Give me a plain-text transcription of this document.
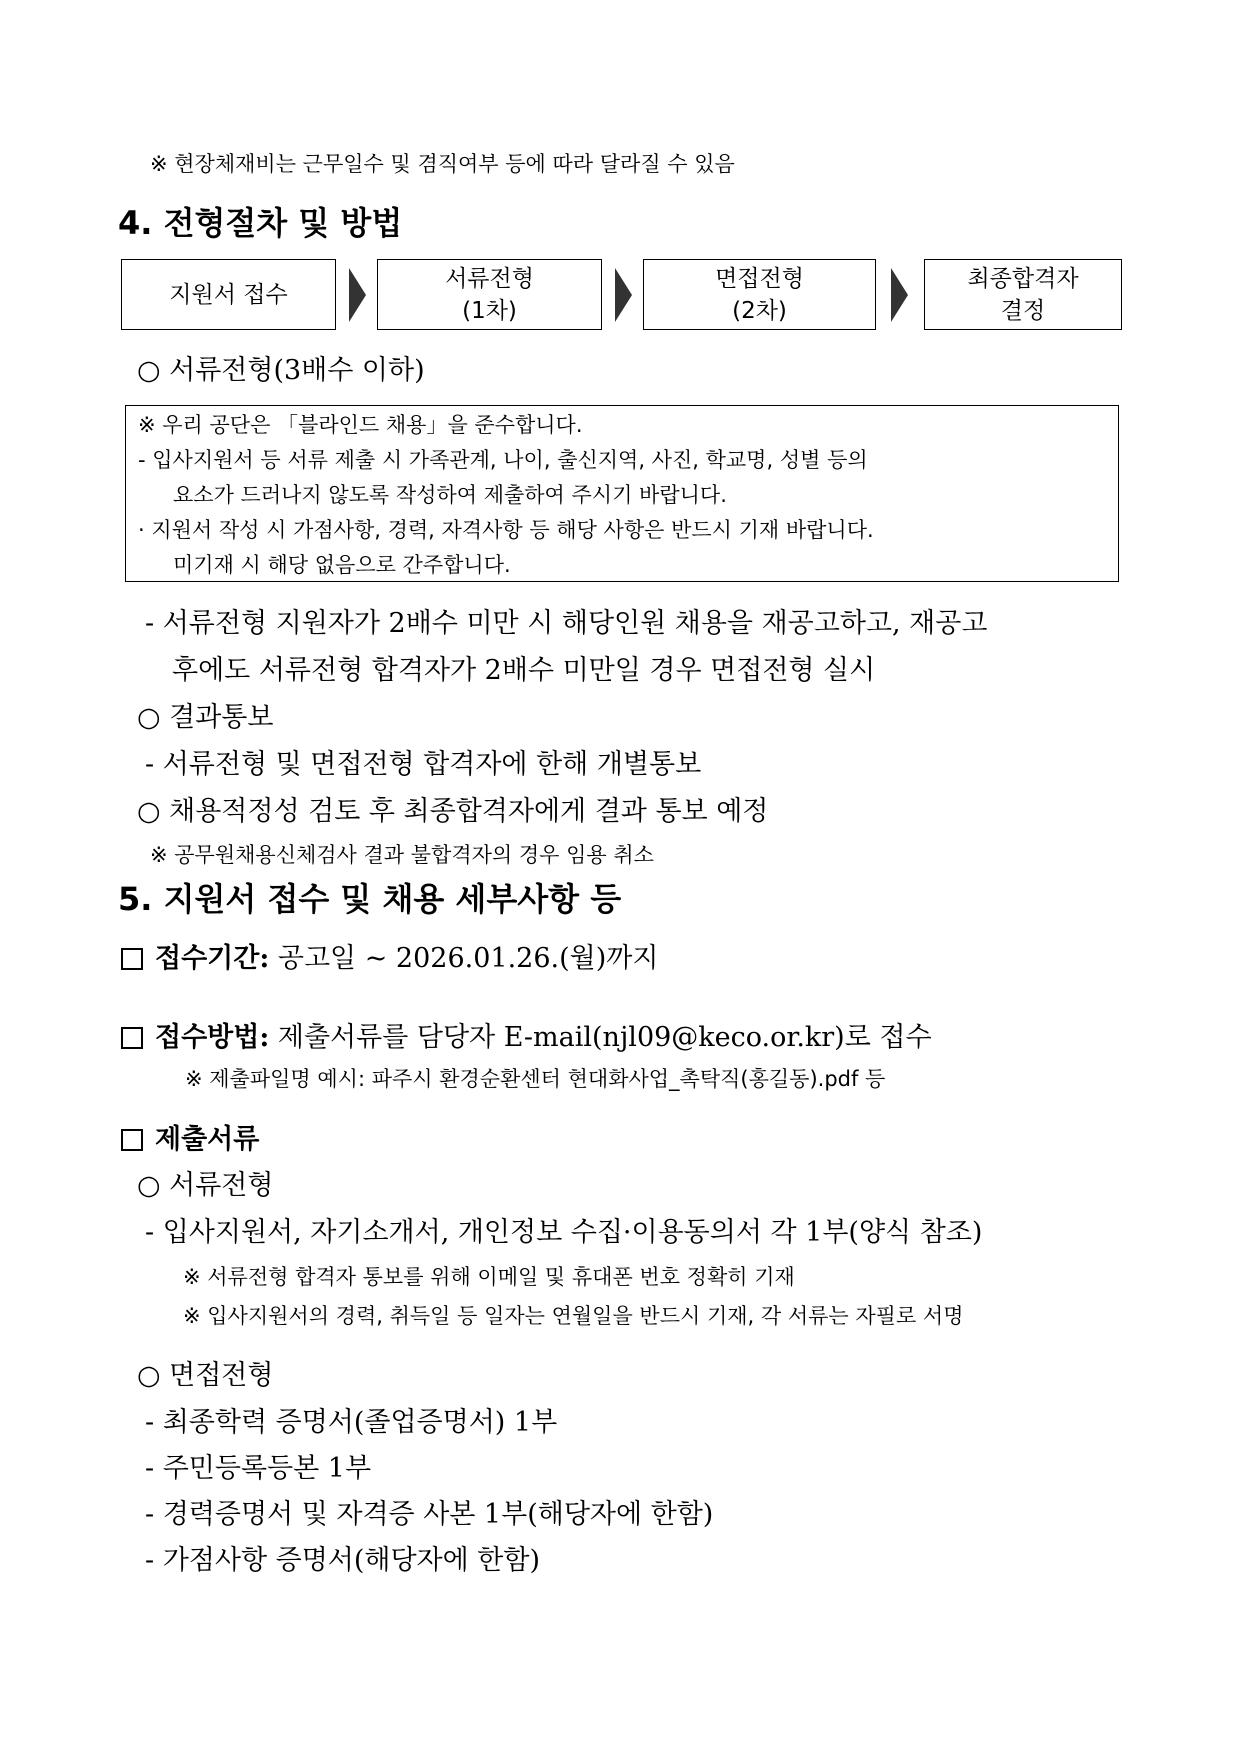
※ 현장체재비는 근무일수 및 겸직여부 등에 따라 달라질 수 있음
4. 전형절차 및 방법
지원서 접수
서류전형
(1차)
면접전형
(2차)
최종합격자
결정
○ 서류전형(3배수 이하)
※ 우리 공단은 「블라인드 채용」을 준수합니다.
- 입사지원서 등 서류 제출 시 가족관계, 나이, 출신지역, 사진, 학교명, 성별 등의
요소가 드러나지 않도록 작성하여 제출하여 주시기 바랍니다.
· 지원서 작성 시 가점사항, 경력, 자격사항 등 해당 사항은 반드시 기재 바랍니다.
미기재 시 해당 없음으로 간주합니다.
- 서류전형 지원자가 2배수 미만 시 해당인원 채용을 재공고하고, 재공고
후에도 서류전형 합격자가 2배수 미만일 경우 면접전형 실시
○ 결과통보
- 서류전형 및 면접전형 합격자에 한해 개별통보
○ 채용적정성 검토 후 최종합격자에게 결과 통보 예정
※ 공무원채용신체검사 결과 불합격자의 경우 임용 취소
5. 지원서 접수 및 채용 세부사항 등
접수기간: 공고일 ~ 2026.01.26.(월)까지
접수방법: 제출서류를 담당자 E-mail(njl09@keco.or.kr)로 접수
※ 제출파일명 예시: 파주시 환경순환센터 현대화사업_촉탁직(홍길동).pdf 등
제출서류
○ 서류전형
- 입사지원서, 자기소개서, 개인정보 수집·이용동의서 각 1부(양식 참조)
※ 서류전형 합격자 통보를 위해 이메일 및 휴대폰 번호 정확히 기재
※ 입사지원서의 경력, 취득일 등 일자는 연월일을 반드시 기재, 각 서류는 자필로 서명
○ 면접전형
- 최종학력 증명서(졸업증명서) 1부
- 주민등록등본 1부
- 경력증명서 및 자격증 사본 1부(해당자에 한함)
- 가점사항 증명서(해당자에 한함)
